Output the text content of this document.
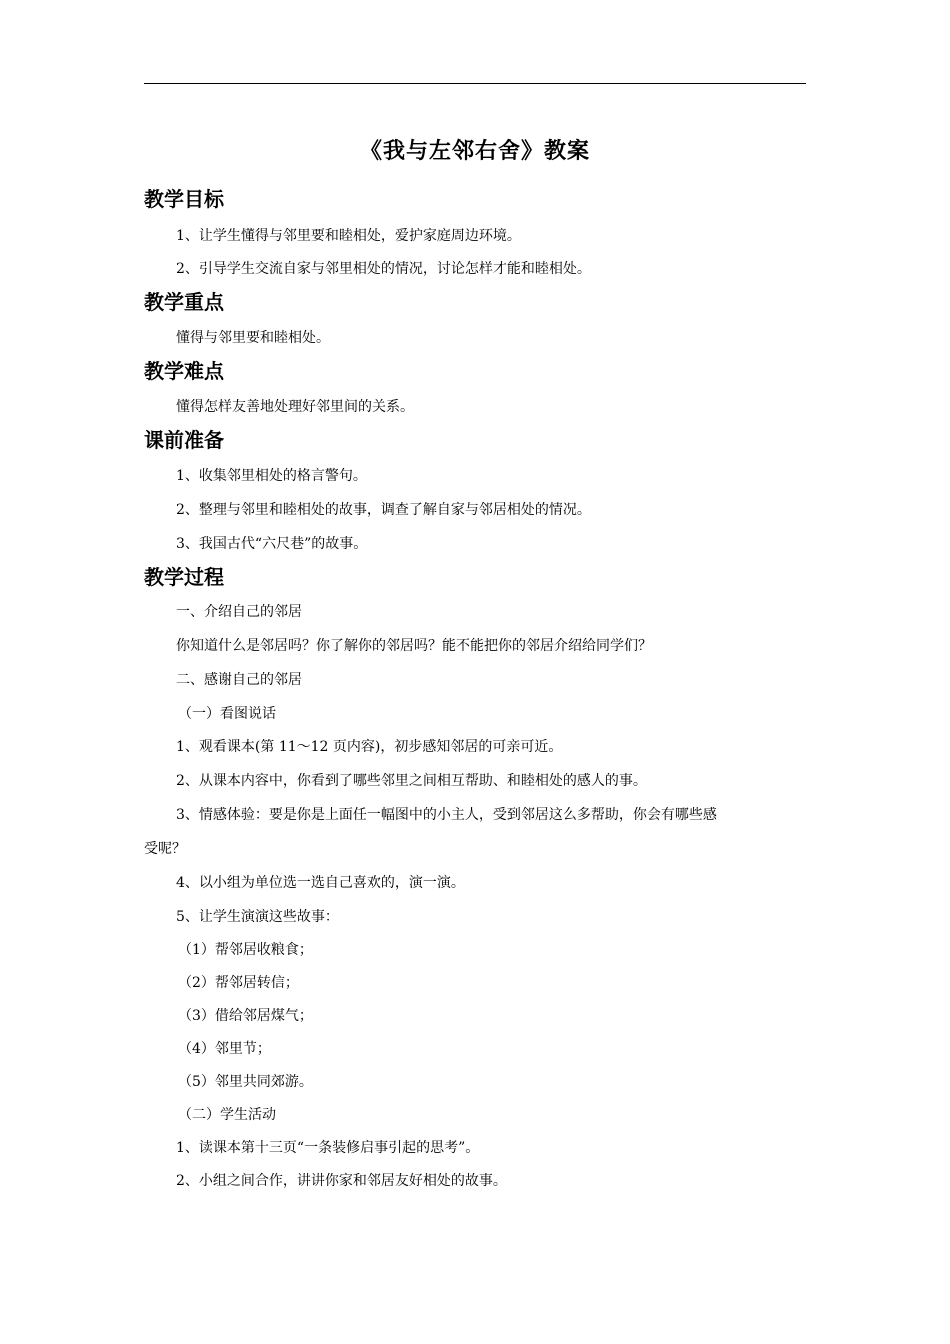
《我与左邻右舍》教案
教学目标
1、让学生懂得与邻里要和睦相处，爱护家庭周边环境。
2、引导学生交流自家与邻里相处的情况，讨论怎样才能和睦相处。
教学重点
懂得与邻里要和睦相处。
教学难点
懂得怎样友善地处理好邻里间的关系。
课前准备
1、收集邻里相处的格言警句。
2、整理与邻里和睦相处的故事，调查了解自家与邻居相处的情况。
3、我国古代“六尺巷”的故事。
教学过程
一、介绍自己的邻居
你知道什么是邻居吗？你了解你的邻居吗？能不能把你的邻居介绍给同学们？
二、感谢自己的邻居
（一）看图说话
1、观看课本(第 11～12 页内容)，初步感知邻居的可亲可近。
2、从课本内容中，你看到了哪些邻里之间相互帮助、和睦相处的感人的事。
3、情感体验：要是你是上面任一幅图中的小主人，受到邻居这么多帮助，你会有哪些感
受呢？
4、以小组为单位选一选自己喜欢的，演一演。
5、让学生演演这些故事：
（1）帮邻居收粮食；
（2）帮邻居转信；
（3）借给邻居煤气；
（4）邻里节；
（5）邻里共同郊游。
（二）学生活动
1、读课本第十三页“一条装修启事引起的思考”。
2、小组之间合作，讲讲你家和邻居友好相处的故事。
